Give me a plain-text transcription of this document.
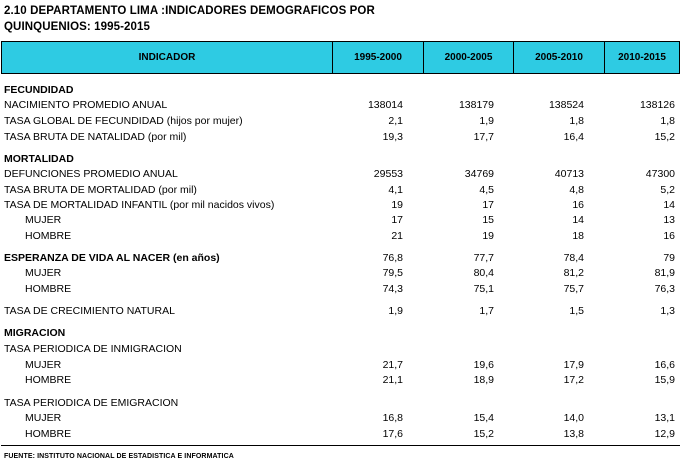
2.10 DEPARTAMENTO LIMA :INDICADORES DEMOGRAFICOS POR
QUINQUENIOS: 1995-2015
INDICADOR	1995-2000	2000-2005	2005-2010	2010-2015
FECUNDIDAD
NACIMIENTO PROMEDIO ANUAL	138014	138179	138524	138126
TASA GLOBAL DE FECUNDIDAD (hijos por mujer)	2,1	1,9	1,8	1,8
TASA BRUTA DE NATALIDAD (por mil)	19,3	17,7	16,4	15,2
MORTALIDAD
DEFUNCIONES PROMEDIO ANUAL	29553	34769	40713	47300
TASA BRUTA DE MORTALIDAD (por mil)	4,1	4,5	4,8	5,2
TASA DE MORTALIDAD INFANTIL (por mil nacidos vivos)	19	17	16	14
MUJER	17	15	14	13
HOMBRE	21	19	18	16
ESPERANZA DE VIDA AL NACER (en años)	76,8	77,7	78,4	79
MUJER	79,5	80,4	81,2	81,9
HOMBRE	74,3	75,1	75,7	76,3
TASA DE CRECIMIENTO NATURAL	1,9	1,7	1,5	1,3
MIGRACION
TASA PERIODICA DE INMIGRACION
MUJER	21,7	19,6	17,9	16,6
HOMBRE	21,1	18,9	17,2	15,9
TASA PERIODICA DE EMIGRACION
MUJER	16,8	15,4	14,0	13,1
HOMBRE	17,6	15,2	13,8	12,9
FUENTE: INSTITUTO NACIONAL DE ESTADISTICA E INFORMATICA
